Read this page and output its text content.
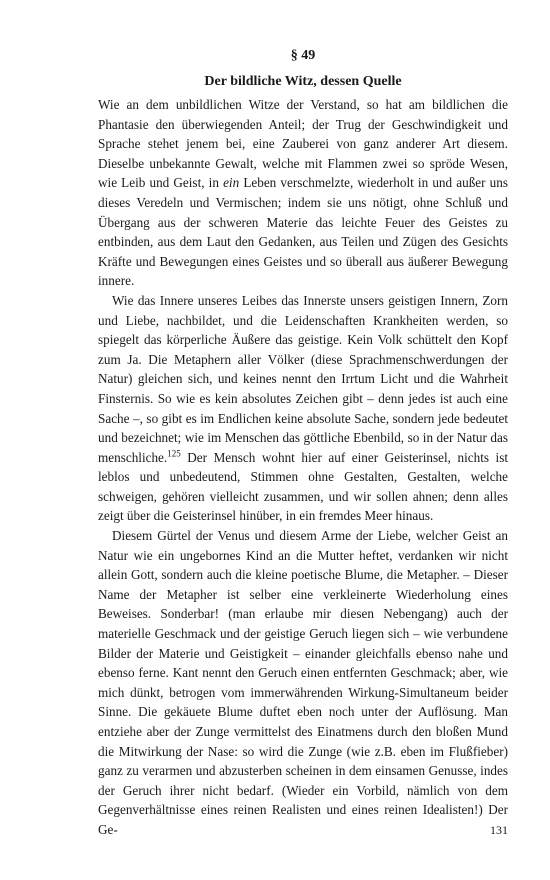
§ 49
Der bildliche Witz, dessen Quelle

Wie an dem unbildlichen Witze der Verstand, so hat am bildlichen die Phantasie den überwiegenden Anteil; der Trug der Geschwindigkeit und Sprache stehet jenem bei, eine Zauberei von ganz anderer Art diesem. Dieselbe unbekannte Gewalt, welche mit Flammen zwei so spröde Wesen, wie Leib und Geist, in ein Leben verschmelzte, wiederholt in und außer uns dieses Veredeln und Vermischen; indem sie uns nötigt, ohne Schluß und Übergang aus der schweren Materie das leichte Feuer des Geistes zu entbinden, aus dem Laut den Gedanken, aus Teilen und Zügen des Gesichts Kräfte und Bewegungen eines Geistes und so überall aus äußerer Bewegung innere.

Wie das Innere unseres Leibes das Innerste unsers geistigen Innern, Zorn und Liebe, nachbildet, und die Leidenschaften Krankheiten werden, so spiegelt das körperliche Äußere das geistige. Kein Volk schüttelt den Kopf zum Ja. Die Metaphern aller Völker (diese Sprachmenschwerdungen der Natur) gleichen sich, und keines nennt den Irrtum Licht und die Wahrheit Finsternis. So wie es kein absolutes Zeichen gibt – denn jedes ist auch eine Sache –, so gibt es im Endlichen keine absolute Sache, sondern jede bedeutet und bezeichnet; wie im Menschen das göttliche Ebenbild, so in der Natur das menschliche.$^{125}$ Der Mensch wohnt hier auf einer Geisterinsel, nichts ist leblos und unbedeutend, Stimmen ohne Gestalten, Gestalten, welche schweigen, gehören vielleicht zusammen, und wir sollen ahnen; denn alles zeigt über die Geisterinsel hinüber, in ein fremdes Meer hinaus.

Diesem Gürtel der Venus und diesem Arme der Liebe, welcher Geist an Natur wie ein ungebornes Kind an die Mutter heftet, verdanken wir nicht allein Gott, sondern auch die kleine poetische Blume, die Metapher. – Dieser Name der Metapher ist selber eine verkleinerte Wiederholung eines Beweises. Sonderbar! (man erlaube mir diesen Nebengang) auch der materielle Geschmack und der geistige Geruch liegen sich – wie verbundene Bilder der Materie und Geistigkeit – einander gleichfalls ebenso nahe und ebenso ferne. Kant nennt den Geruch einen entfernten Geschmack; aber, wie mich dünkt, betrogen vom immerwährenden Wirkung-Simultaneum beider Sinne. Die gekäuete Blume duftet eben noch unter der Auflösung. Man entziehe aber der Zunge vermittelst des Einatmens durch den bloßen Mund die Mitwirkung der Nase: so wird die Zunge (wie z.B. eben im Flußfieber) ganz zu verarmen und abzusterben scheinen in dem einsamen Genusse, indes der Geruch ihrer nicht bedarf. (Wieder ein Vorbild, nämlich von dem Gegenverhältnisse eines reinen Realisten und eines reinen Idealisten!) Der Ge-	131
